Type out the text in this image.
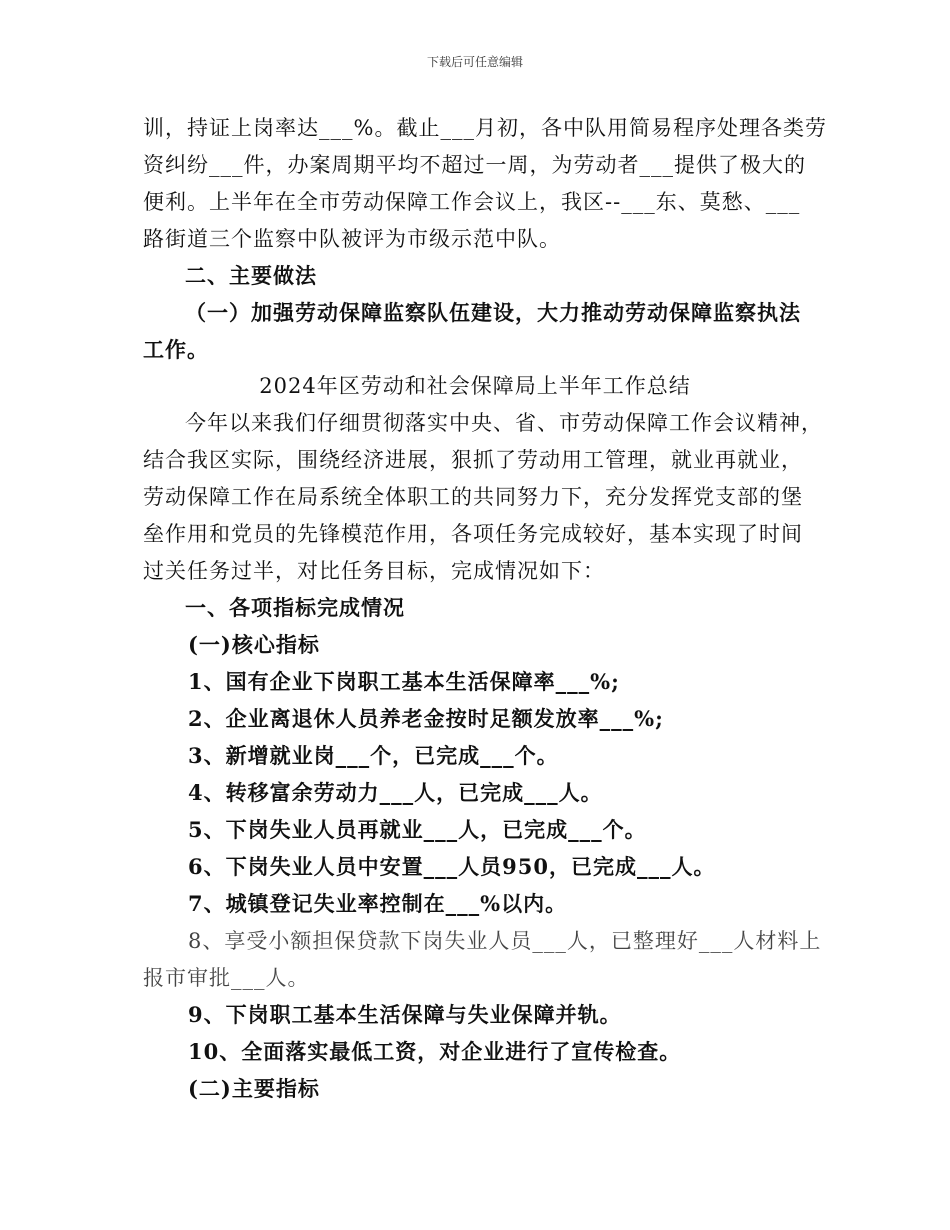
下载后可任意编辑
训，持证上岗率达___%。截止___月初，各中队用简易程序处理各类劳
资纠纷___件，办案周期平均不超过一周，为劳动者___提供了极大的
便利。上半年在全市劳动保障工作会议上，我区--___东、莫愁、___
路街道三个监察中队被评为市级示范中队。
二、主要做法
（一）加强劳动保障监察队伍建设，大力推动劳动保障监察执法
工作。
2024年区劳动和社会保障局上半年工作总结
今年以来我们仔细贯彻落实中央、省、市劳动保障工作会议精神，
结合我区实际，围绕经济进展，狠抓了劳动用工管理，就业再就业，
劳动保障工作在局系统全体职工的共同努力下，充分发挥党支部的堡
垒作用和党员的先锋模范作用，各项任务完成较好，基本实现了时间
过关任务过半，对比任务目标，完成情况如下：
一、各项指标完成情况
(一)核心指标
1、国有企业下岗职工基本生活保障率___%;
2、企业离退休人员养老金按时足额发放率___%;
3、新增就业岗___个，已完成___个。
4、转移富余劳动力___人，已完成___人。
5、下岗失业人员再就业___人，已完成___个。
6、下岗失业人员中安置___人员950，已完成___人。
7、城镇登记失业率控制在___%以内。
8、享受小额担保贷款下岗失业人员___人，已整理好___人材料上
报市审批___人。
9、下岗职工基本生活保障与失业保障并轨。
10、全面落实最低工资，对企业进行了宣传检查。
(二)主要指标
